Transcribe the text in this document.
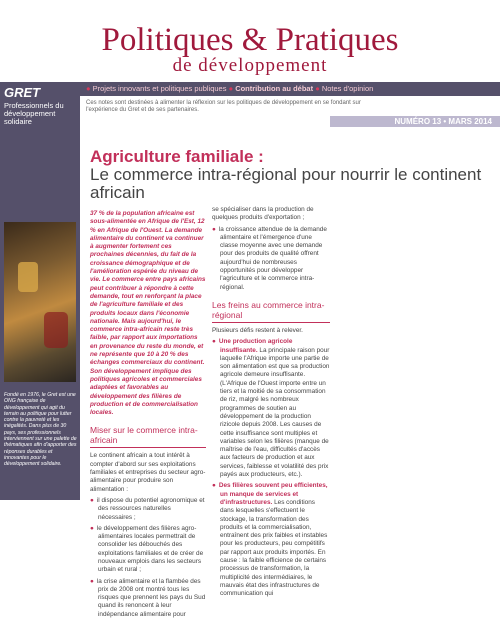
Politiques & Pratiques
de développement
GRET
Professionnels du développement solidaire
Fondé en 1976, le Gret est une ONG française de développement qui agit du terrain au politique pour lutter contre la pauvreté et les inégalités. Dans plus de 30 pays, ses professionnels interviennent sur une palette de thématiques afin d'apporter des réponses durables et innovantes pour le développement solidaire.
● Projets innovants et politiques publiques ● Contribution au débat ● Notes d'opinion
Ces notes sont destinées à alimenter la réflexion sur les politiques de développement en se fondant sur l'expérience du Gret et de ses partenaires.
NUMÉRO 13 • MARS 2014
Agriculture familiale :
Le commerce intra-régional pour nourrir le continent africain

37 % de la population africaine est sous-alimentée en Afrique de l'Est, 12 % en Afrique de l'Ouest. La demande alimentaire du continent va continuer à augmenter fortement ces prochaines décennies, du fait de la croissance démographique et de l'amélioration espérée du niveau de vie. Le commerce entre pays africains peut contribuer à répondre à cette demande, tout en renforçant la place de l'agriculture familiale et des produits locaux dans l'économie nationale. Mais aujourd'hui, le commerce intra-africain reste très faible, par rapport aux importations en provenance du reste du monde, et ne représente que 10 à 20 % des échanges commerciaux du continent. Son développement implique des politiques agricoles et commerciales adaptées et favorables au développement des filières de production et de commercialisation locales.

Miser sur le commerce intra-africain

Le continent africain a tout intérêt à compter d'abord sur ses exploitations familiales et entreprises du secteur agro-alimentaire pour produire son alimentation :

● il dispose du potentiel agronomique et des ressources naturelles nécessaires ;
● le développement des filières agro-alimentaires locales permettrait de consolider les débouchés des exploitations familiales et de créer de nouveaux emplois dans les secteurs urbain et rural ;
● la crise alimentaire et la flambée des prix de 2008 ont montré tous les risques que prennent les pays du Sud quand ils renoncent à leur indépendance alimentaire pour

se spécialiser dans la production de quelques produits d'exportation ;

● la croissance attendue de la demande alimentaire et l'émergence d'une classe moyenne avec une demande pour des produits de qualité offrent aujourd'hui de nombreuses opportunités pour développer l'agriculture et le commerce intra-régional.
Les freins au commerce intra-régional

Plusieurs défis restent à relever.

● Une production agricole insuffisante. La principale raison pour laquelle l'Afrique importe une partie de son alimentation est que sa production agricole demeure insuffisante. (L'Afrique de l'Ouest importe entre un tiers et la moitié de sa consommation de riz, malgré les nombreux programmes de soutien au développement de la production rizicole depuis 2008. Les causes de cette insuffisance sont multiples et variables selon les filières (manque de maîtrise de l'eau, difficultés d'accès aux facteurs de production et aux services, faiblesse et volatilité des prix payés aux producteurs, etc.).
● Des filières souvent peu efficientes, un manque de services et d'infrastructures. Les conditions dans lesquelles s'effectuent le stockage, la transformation des produits et la commercialisation, entraînent des prix faibles et instables pour les producteurs, peu compétitifs par rapport aux produits importés. En cause : la faible efficience de certains processus de transformation, la multiplicité des intermédiaires, le mauvais état des infrastructures de communication qui
